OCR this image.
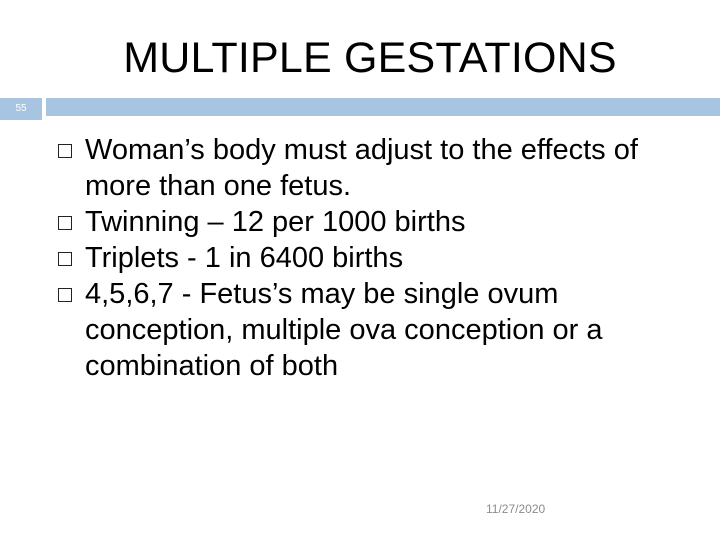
MULTIPLE GESTATIONS
55
Woman’s body must adjust to the effects of more than one fetus.
Twinning – 12 per 1000 births
Triplets - 1 in 6400 births
4,5,6,7 - Fetus’s may be single ovum conception, multiple ova conception or a combination of both
11/27/2020
